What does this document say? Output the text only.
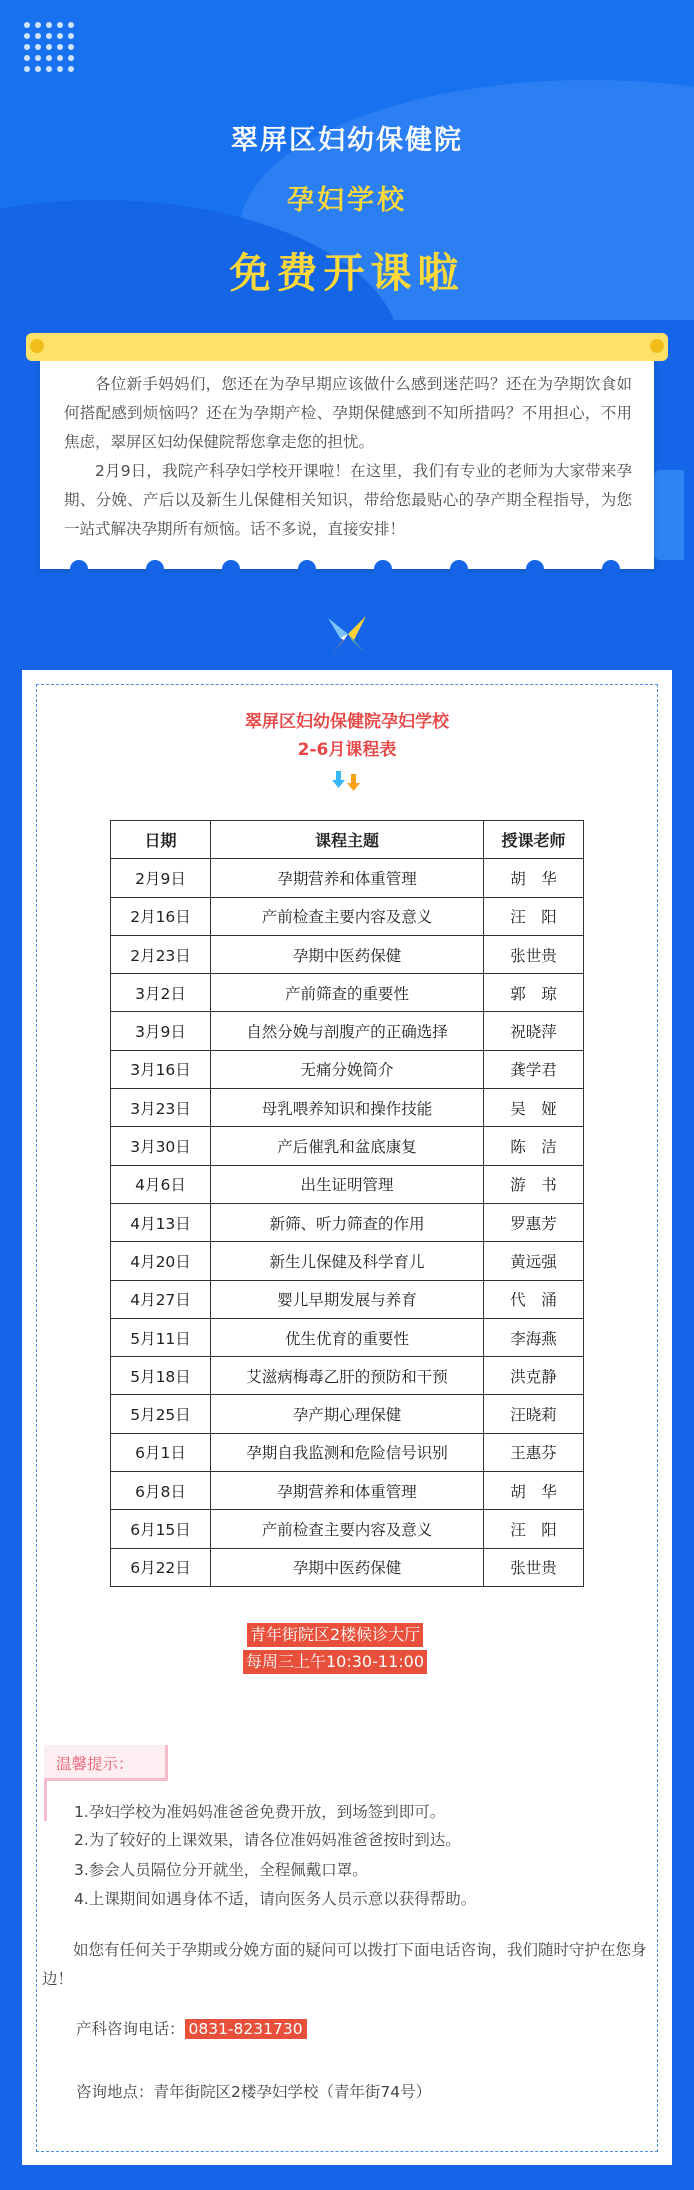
翠屏区妇幼保健院
孕妇学校
免费开课啦

各位新手妈妈们，您还在为孕早期应该做什么感到迷茫吗？还在为孕期饮食如何搭配感到烦恼吗？还在为孕期产检、孕期保健感到不知所措吗？不用担心，不用焦虑，翠屏区妇幼保健院帮您拿走您的担忧。

2月9日，我院产科孕妇学校开课啦！在这里，我们有专业的老师为大家带来孕期、分娩、产后以及新生儿保健相关知识，带给您最贴心的孕产期全程指导，为您一站式解决孕期所有烦恼。话不多说，直接安排！

翠屏区妇幼保健院孕妇学校
2-6月课程表
日期	课程主题	授课老师
2月9日	孕期营养和体重管理	胡　华
2月16日	产前检查主要内容及意义	汪　阳
2月23日	孕期中医药保健	张世贵
3月2日	产前筛查的重要性	郭　琼
3月9日	自然分娩与剖腹产的正确选择	祝晓萍
3月16日	无痛分娩简介	龚学君
3月23日	母乳喂养知识和操作技能	吴　娅
3月30日	产后催乳和盆底康复	陈　洁
4月6日	出生证明管理	游　书
4月13日	新筛、听力筛查的作用	罗惠芳
4月20日	新生儿保健及科学育儿	黄远强
4月27日	婴儿早期发展与养育	代　涌
5月11日	优生优育的重要性	李海燕
5月18日	艾滋病梅毒乙肝的预防和干预	洪克静
5月25日	孕产期心理保健	汪晓莉
6月1日	孕期自我监测和危险信号识别	王惠芬
6月8日	孕期营养和体重管理	胡　华
6月15日	产前检查主要内容及意义	汪　阳
6月22日	孕期中医药保健	张世贵
青年街院区2楼候诊大厅
每周三上午10:30-11:00
温馨提示：
1.孕妇学校为准妈妈准爸爸免费开放，到场签到即可。
2.为了较好的上课效果，请各位准妈妈准爸爸按时到达。
3.参会人员隔位分开就坐，全程佩戴口罩。
4.上课期间如遇身体不适，请向医务人员示意以获得帮助。
如您有任何关于孕期或分娩方面的疑问可以拨打下面电话咨询，我们随时守护在您身边！
产科咨询电话： 0831-8231730
咨询地点：青年街院区2楼孕妇学校（青年街74号）
